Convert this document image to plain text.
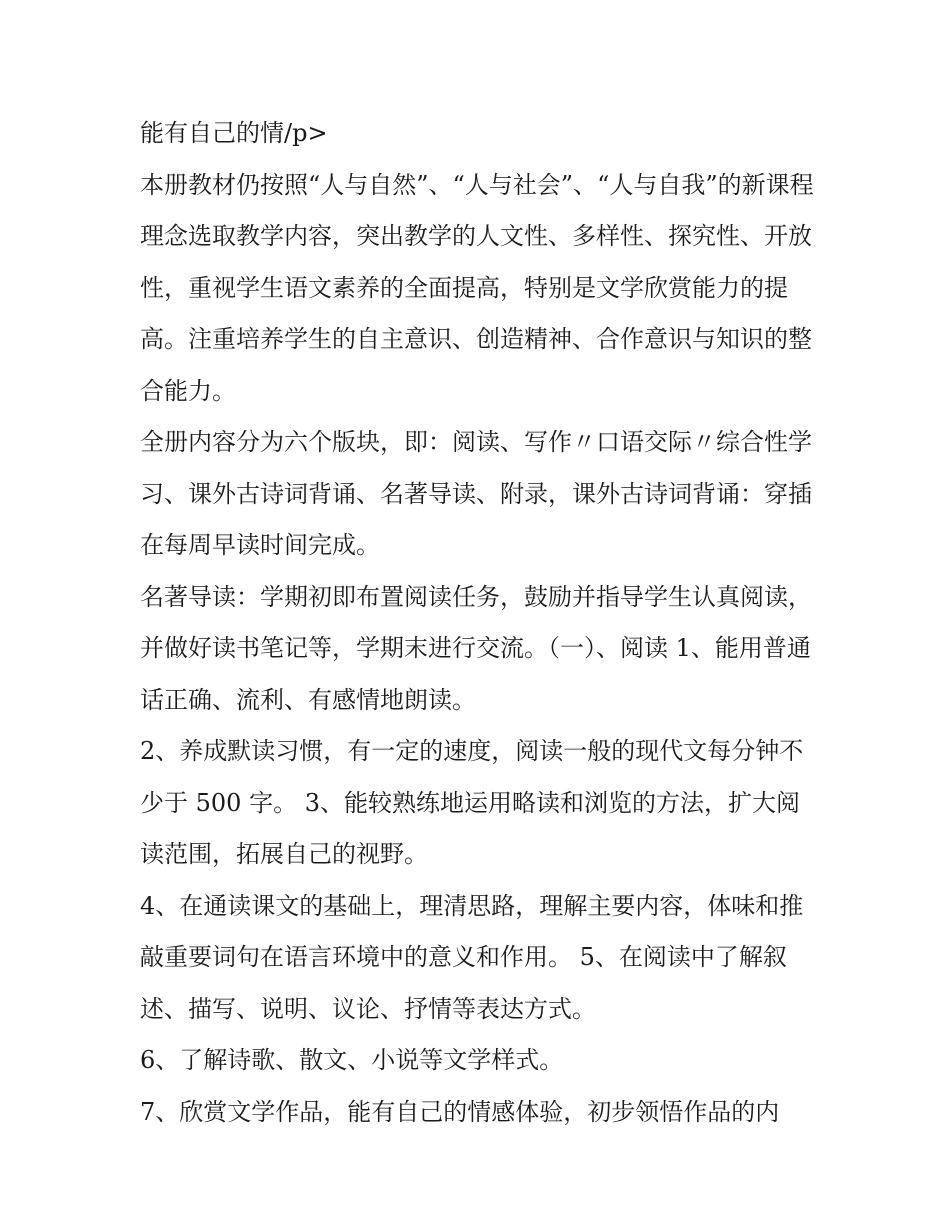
能有自己的情/p>

本册教材仍按照“人与自然”、“人与社会”、“人与自我”的新课程理念选取教学内容，突出教学的人文性、多样性、探究性、开放性，重视学生语文素养的全面提高，特别是文学欣赏能力的提高。注重培养学生的自主意识、创造精神、合作意识与知识的整合能力。

全册内容分为六个版块，即：阅读、写作〃口语交际〃综合性学习、课外古诗词背诵、名著导读、附录，课外古诗词背诵：穿插在每周早读时间完成。

名著导读：学期初即布置阅读任务，鼓励并指导学生认真阅读，并做好读书笔记等，学期末进行交流。（一）、阅读 1、能用普通话正确、流利、有感情地朗读。

2、养成默读习惯，有一定的速度，阅读一般的现代文每分钟不少于 500 字。 3、能较熟练地运用略读和浏览的方法，扩大阅读范围，拓展自己的视野。

4、在通读课文的基础上，理清思路，理解主要内容，体味和推敲重要词句在语言环境中的意义和作用。 5、在阅读中了解叙述、描写、说明、议论、抒情等表达方式。

6、了解诗歌、散文、小说等文学样式。

7、欣赏文学作品，能有自己的情感体验，初步领悟作品的内
